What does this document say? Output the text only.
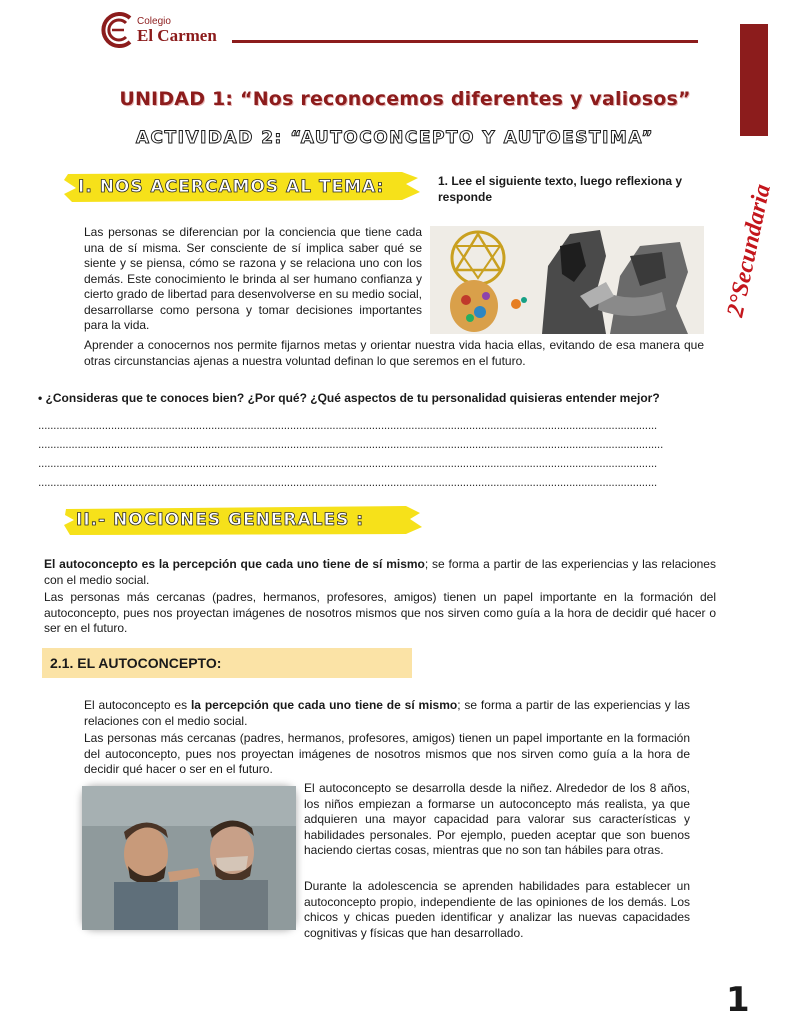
Colegio
El Carmen
2°Secundaria
UNIDAD 1: “Nos reconocemos diferentes y valiosos”
ACTIVIDAD 2: “AUTOCONCEPTO Y AUTOESTIMA”
I. NOS ACERCAMOS AL TEMA:	1. Lee el siguiente texto, luego reflexiona y responde
Las personas se diferencian por la conciencia que tiene cada una de sí misma. Ser consciente de sí implica saber qué se siente y se piensa, cómo se razona y se relaciona uno con los demás. Este conocimiento le brinda al ser humano confianza y cierto grado de libertad para desenvolverse en su medio social, desarrollarse como persona y tomar decisiones importantes para la vida.
Aprender a conocernos nos permite fijarnos metas y orientar nuestra vida hacia ellas, evitando de esa manera que otras circunstancias ajenas a nuestra voluntad definan lo que seremos en el futuro.
• ¿Consideras que te conoces bien? ¿Por qué? ¿Qué aspectos de tu personalidad quisieras entender mejor?
............................................................................................................................................................................................................
..............................................................................................................................................................................................................
............................................................................................................................................................................................................
............................................................................................................................................................................................................
II.- NOCIONES GENERALES :
El autoconcepto es la percepción que cada uno tiene de sí mismo; se forma a partir de las experiencias y las relaciones con el medio social.
Las personas más cercanas (padres, hermanos, profesores, amigos) tienen un papel importante en la formación del autoconcepto, pues nos proyectan imágenes de nosotros mismos que nos sirven como guía a la hora de decidir qué hacer o ser en el futuro.
2.1. EL AUTOCONCEPTO:
El autoconcepto es la percepción que cada uno tiene de sí mismo; se forma a partir de las experiencias y las relaciones con el medio social.
Las personas más cercanas (padres, hermanos, profesores, amigos) tienen un papel importante en la formación del autoconcepto, pues nos proyectan imágenes de nosotros mismos que nos sirven como guía a la hora de decidir qué hacer o ser en el futuro.
El autoconcepto se desarrolla desde la niñez. Alrededor de los 8 años, los niños empiezan a formarse un autoconcepto más realista, ya que adquieren una mayor capacidad para valorar sus características y habilidades personales. Por ejemplo, pueden aceptar que son buenos haciendo ciertas cosas, mientras que no son tan hábiles para otras.
Durante la adolescencia se aprenden habilidades para establecer un autoconcepto propio, independiente de las opiniones de los demás. Los chicos y chicas pueden identificar y analizar las nuevas capacidades cognitivas y físicas que han desarrollado.
1
